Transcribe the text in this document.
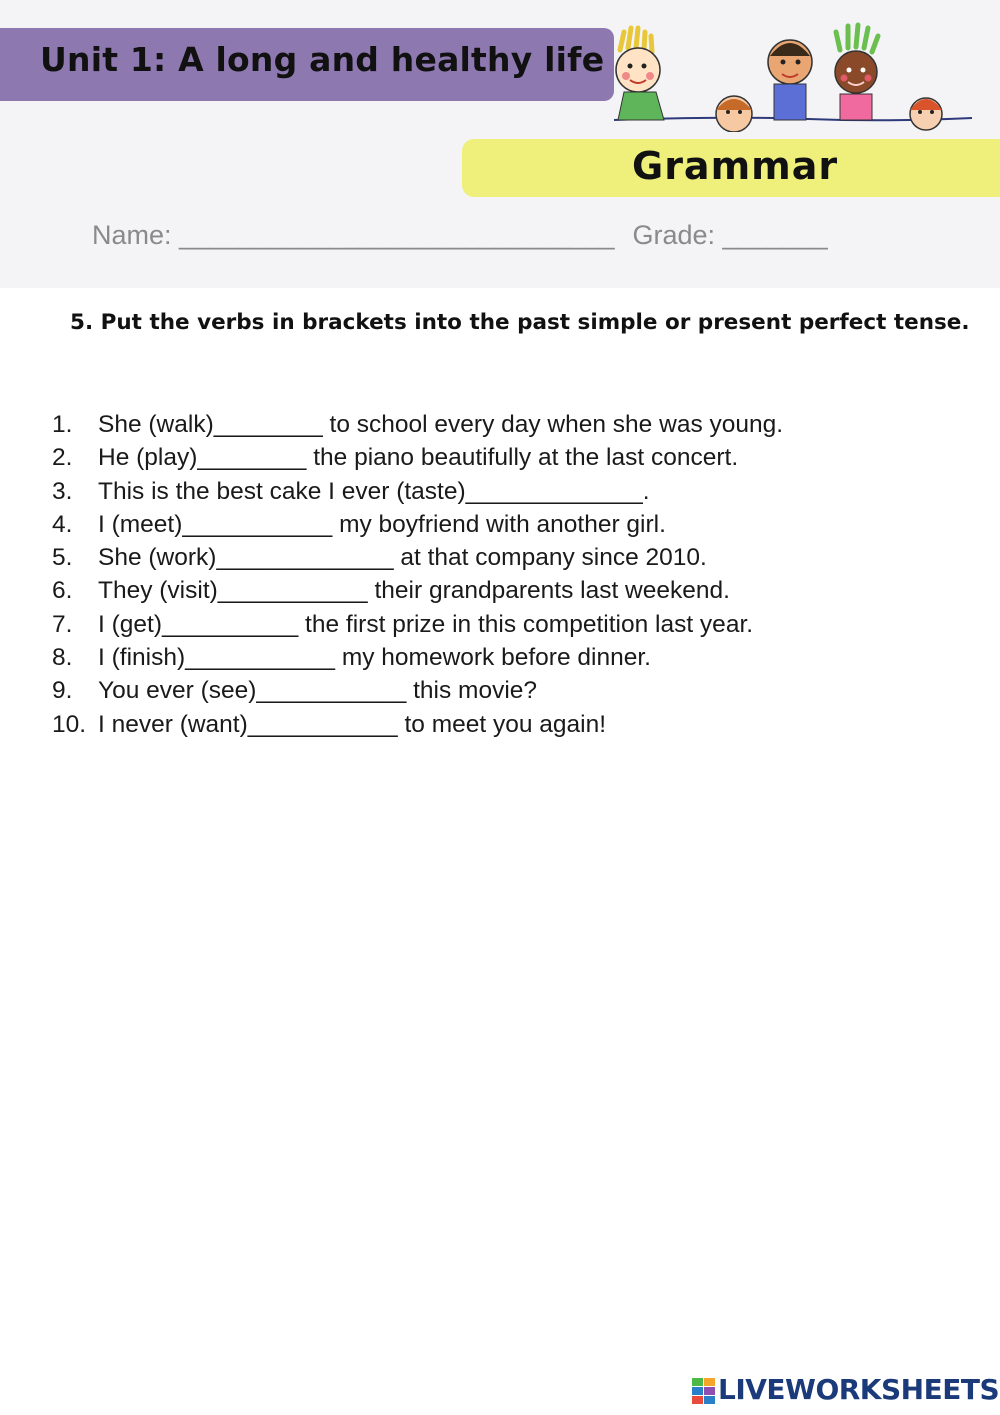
Unit 1: A long and healthy life
Grammar
Name: _____________________________ Grade: _______
5. Put the verbs in brackets into the past simple or present perfect tense.
1. She (walk)________ to school every day when she was young.
2. He (play)________ the piano beautifully at the last concert.
3. This is the best cake I ever (taste)_____________.
4. I (meet)___________ my boyfriend with another girl.
5. She (work)_____________ at that company since 2010.
6. They (visit)___________ their grandparents last weekend.
7. I (get)__________ the first prize in this competition last year.
8. I (finish)___________ my homework before dinner.
9. You ever (see)___________ this movie?
10. I never (want)___________ to meet you again!
LIVEWORKSHEETS
